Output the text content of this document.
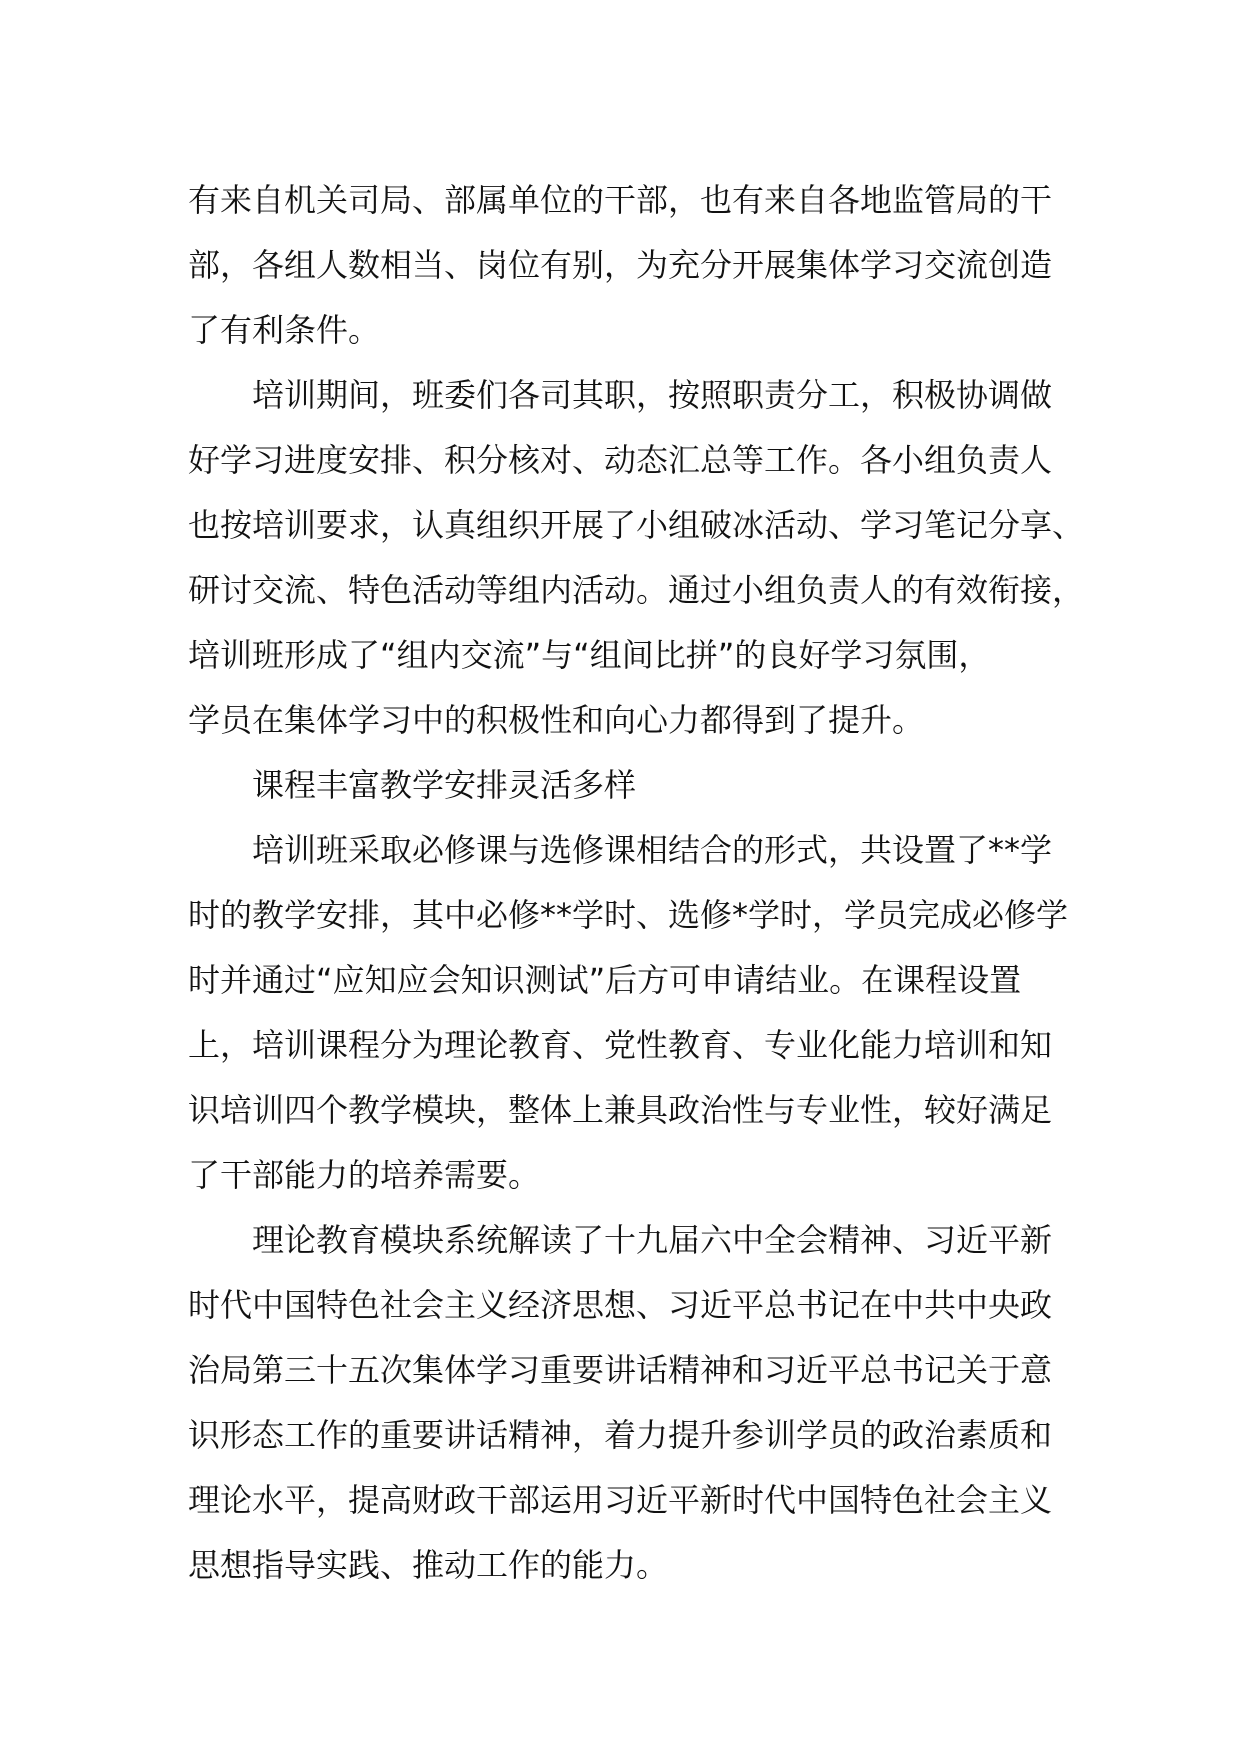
有来自机关司局、部属单位的干部，也有来自各地监管局的干
部，各组人数相当、岗位有别，为充分开展集体学习交流创造
了有利条件。
培训期间，班委们各司其职，按照职责分工，积极协调做
好学习进度安排、积分核对、动态汇总等工作。各小组负责人
也按培训要求，认真组织开展了小组破冰活动、学习笔记分享、
研讨交流、特色活动等组内活动。通过小组负责人的有效衔接，
培训班形成了“组内交流”与“组间比拼”的良好学习氛围，
学员在集体学习中的积极性和向心力都得到了提升。
课程丰富教学安排灵活多样
培训班采取必修课与选修课相结合的形式，共设置了**学
时的教学安排，其中必修**学时、选修*学时，学员完成必修学
时并通过“应知应会知识测试”后方可申请结业。在课程设置
上，培训课程分为理论教育、党性教育、专业化能力培训和知
识培训四个教学模块，整体上兼具政治性与专业性，较好满足
了干部能力的培养需要。
理论教育模块系统解读了十九届六中全会精神、习近平新
时代中国特色社会主义经济思想、习近平总书记在中共中央政
治局第三十五次集体学习重要讲话精神和习近平总书记关于意
识形态工作的重要讲话精神，着力提升参训学员的政治素质和
理论水平，提高财政干部运用习近平新时代中国特色社会主义
思想指导实践、推动工作的能力。
